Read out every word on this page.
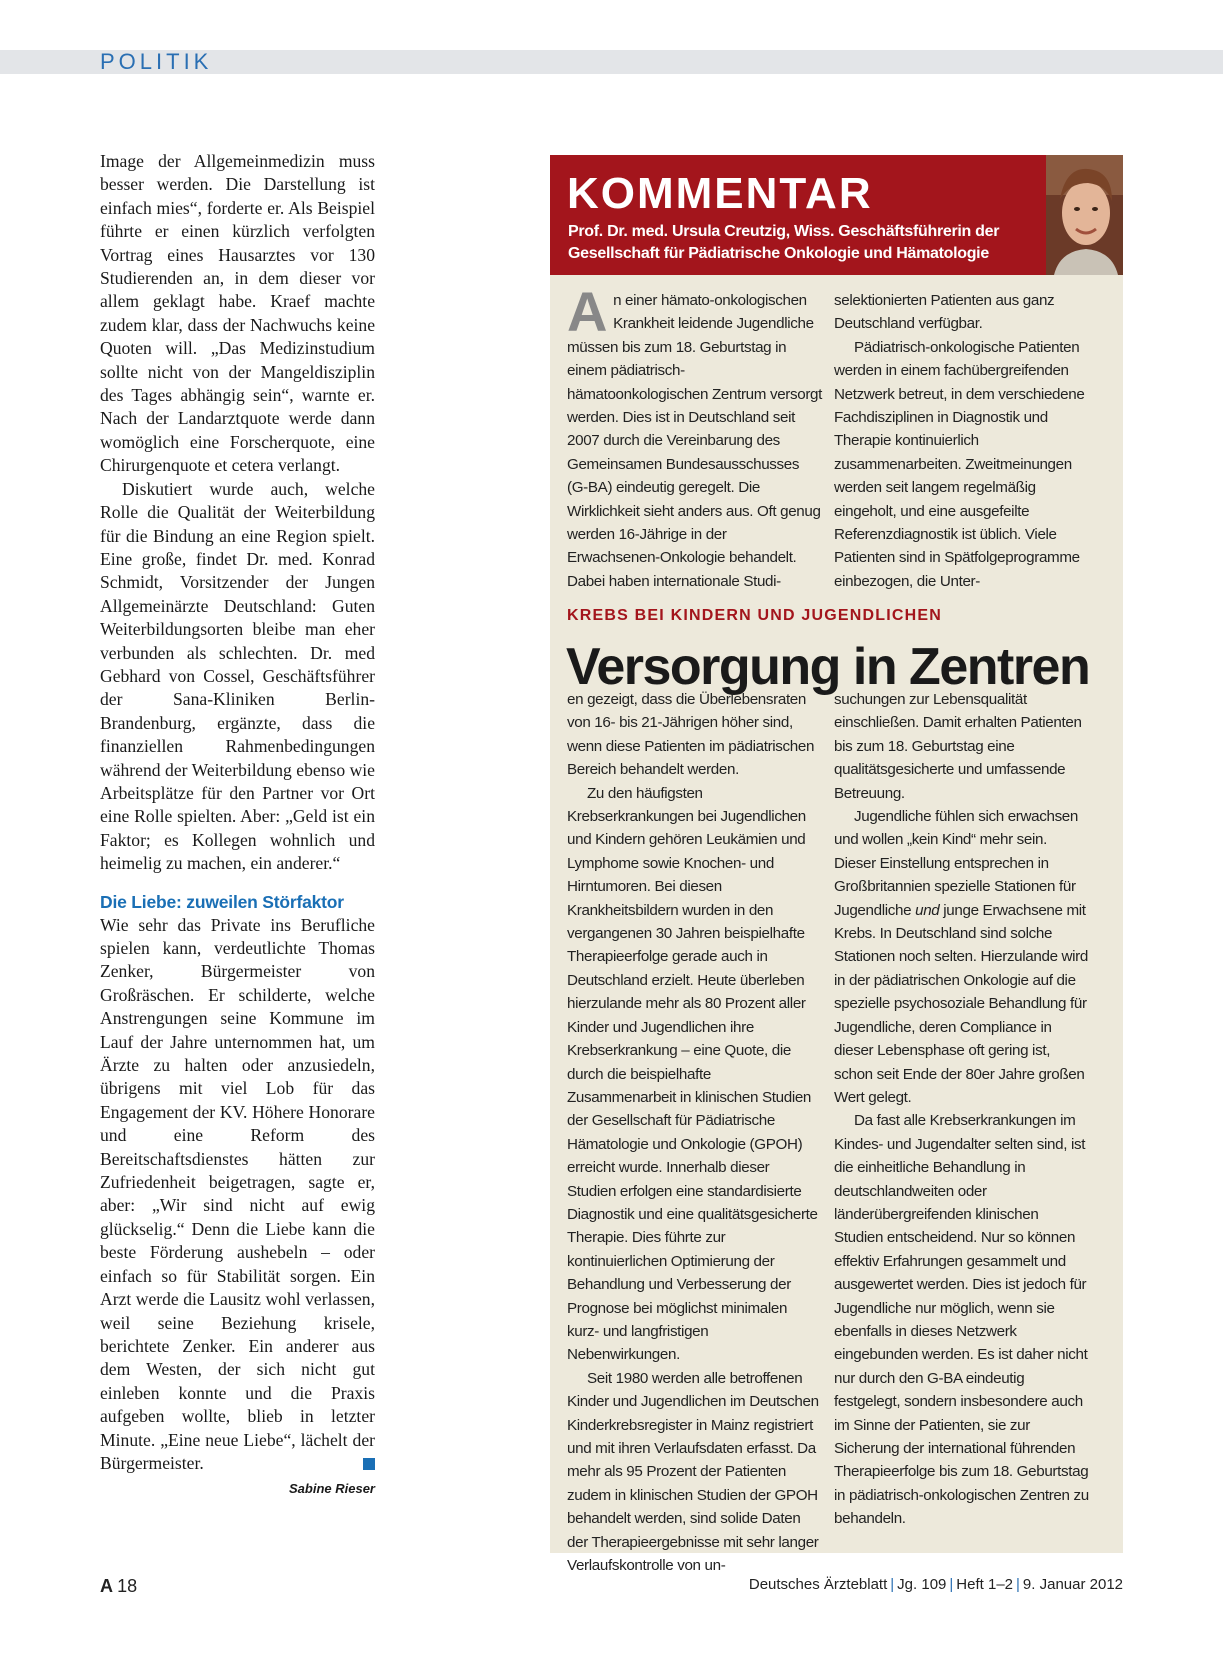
POLITIK

Image der Allgemeinmedizin muss besser werden. Die Darstellung ist einfach mies“, forderte er. Als Beispiel führte er einen kürzlich verfolgten Vortrag eines Hausarztes vor 130 Studierenden an, in dem dieser vor allem geklagt habe. Kraef machte zudem klar, dass der Nachwuchs keine Quoten will. „Das Medizinstudium sollte nicht von der Mangeldisziplin des Tages abhängig sein“, warnte er. Nach der Landarztquote werde dann womöglich eine Forscherquote, eine Chirurgenquote et cetera verlangt.

Diskutiert wurde auch, welche Rolle die Qualität der Weiterbildung für die Bindung an eine Region spielt. Eine große, findet Dr. med. Konrad Schmidt, Vorsitzender der Jungen Allgemeinärzte Deutschland: Guten Weiterbildungsorten bleibe man eher verbunden als schlechten. Dr. med Gebhard von Cossel, Geschäftsführer der Sana-Kliniken Berlin-Brandenburg, ergänzte, dass die finanziellen Rahmenbedingungen während der Weiterbildung ebenso wie Arbeitsplätze für den Partner vor Ort eine Rolle spielten. Aber: „Geld ist ein Faktor; es Kollegen wohnlich und heimelig zu machen, ein anderer.“

Die Liebe: zuweilen Störfaktor

Wie sehr das Private ins Berufliche spielen kann, verdeutlichte Thomas Zenker, Bürgermeister von Großräschen. Er schilderte, welche Anstrengungen seine Kommune im Lauf der Jahre unternommen hat, um Ärzte zu halten oder anzusiedeln, übrigens mit viel Lob für das Engagement der KV. Höhere Honorare und eine Reform des Bereitschaftsdienstes hätten zur Zufriedenheit beigetragen, sagte er, aber: „Wir sind nicht auf ewig glückselig.“ Denn die Liebe kann die beste Förderung aushebeln – oder einfach so für Stabilität sorgen. Ein Arzt werde die Lausitz wohl verlassen, weil seine Beziehung krisele, berichtete Zenker. Ein anderer aus dem Westen, der sich nicht gut einleben konnte und die Praxis aufgeben wollte, blieb in letzter Minute. „Eine neue Liebe“, lächelt der Bürgermeister.

Sabine Rieser
KOMMENTAR
Prof. Dr. med. Ursula Creutzig, Wiss. Geschäftsführerin der Gesellschaft für Pädiatrische Onkologie und Hämatologie

An einer hämato-onkologischen Krankheit leidende Jugendliche müssen bis zum 18. Geburtstag in einem pädiatrisch-hämatoonkologischen Zentrum versorgt werden. Dies ist in Deutschland seit 2007 durch die Vereinbarung des Gemeinsamen Bundesausschusses (G-BA) eindeutig geregelt. Die Wirklichkeit sieht anders aus. Oft genug werden 16-Jährige in der Erwachsenen-Onkologie behandelt. Dabei haben internationale Studi-

selektionierten Patienten aus ganz Deutschland verfügbar.

Pädiatrisch-onkologische Patienten werden in einem fachübergreifenden Netzwerk betreut, in dem verschiedene Fachdisziplinen in Diagnostik und Therapie kontinuierlich zusammenarbeiten. Zweitmeinungen werden seit langem regelmäßig eingeholt, und eine ausgefeilte Referenzdiagnostik ist üblich. Viele Patienten sind in Spätfolgeprogramme einbezogen, die Unter-

KREBS BEI KINDERN UND JUGENDLICHEN
Versorgung in Zentren

en gezeigt, dass die Überlebensraten von 16- bis 21-Jährigen höher sind, wenn diese Patienten im pädiatrischen Bereich behandelt werden.

Zu den häufigsten Krebserkrankungen bei Jugendlichen und Kindern gehören Leukämien und Lymphome sowie Knochen- und Hirntumoren. Bei diesen Krankheitsbildern wurden in den vergangenen 30 Jahren beispielhafte Therapieerfolge gerade auch in Deutschland erzielt. Heute überleben hierzulande mehr als 80 Prozent aller Kinder und Jugendlichen ihre Krebserkrankung – eine Quote, die durch die beispielhafte Zusammenarbeit in klinischen Studien der Gesellschaft für Pädiatrische Hämatologie und Onkologie (GPOH) erreicht wurde. Innerhalb dieser Studien erfolgen eine standardisierte Diagnostik und eine qualitätsgesicherte Therapie. Dies führte zur kontinuierlichen Optimierung der Behandlung und Verbesserung der Prognose bei möglichst minimalen kurz- und langfristigen Nebenwirkungen.

Seit 1980 werden alle betroffenen Kinder und Jugendlichen im Deutschen Kinderkrebsregister in Mainz registriert und mit ihren Verlaufsdaten erfasst. Da mehr als 95 Prozent der Patienten zudem in klinischen Studien der GPOH behandelt werden, sind solide Daten der Therapieergebnisse mit sehr langer Verlaufskontrolle von un-

suchungen zur Lebensqualität einschließen. Damit erhalten Patienten bis zum 18. Geburtstag eine qualitätsgesicherte und umfassende Betreuung.

Jugendliche fühlen sich erwachsen und wollen „kein Kind“ mehr sein. Dieser Einstellung entsprechen in Großbritannien spezielle Stationen für Jugendliche und junge Erwachsene mit Krebs. In Deutschland sind solche Stationen noch selten. Hierzulande wird in der pädiatrischen Onkologie auf die spezielle psychosoziale Behandlung für Jugendliche, deren Compliance in dieser Lebensphase oft gering ist, schon seit Ende der 80er Jahre großen Wert gelegt.

Da fast alle Krebserkrankungen im Kindes- und Jugendalter selten sind, ist die einheitliche Behandlung in deutschlandweiten oder länderübergreifenden klinischen Studien entscheidend. Nur so können effektiv Erfahrungen gesammelt und ausgewertet werden. Dies ist jedoch für Jugendliche nur möglich, wenn sie ebenfalls in dieses Netzwerk eingebunden werden. Es ist daher nicht nur durch den G-BA eindeutig festgelegt, sondern insbesondere auch im Sinne der Patienten, sie zur Sicherung der international führenden Therapieerfolge bis zum 18. Geburtstag in pädiatrisch-onkologischen Zentren zu behandeln.

A 18	Deutsches Ärzteblatt | Jg. 109 | Heft 1–2 | 9. Januar 2012
